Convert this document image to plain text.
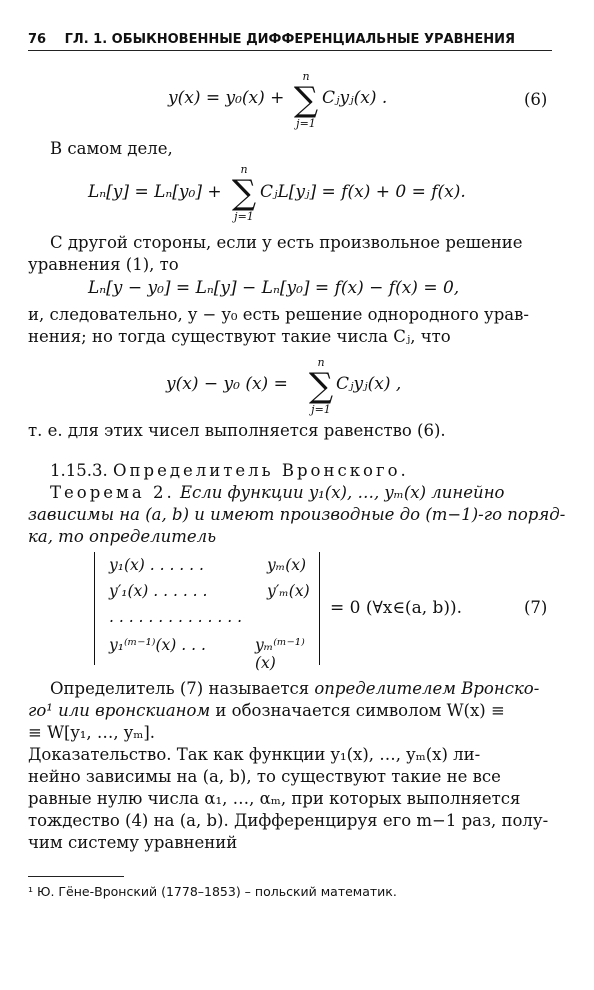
76 ГЛ. 1. ОБЫКНОВЕННЫЕ ДИФФЕРЕНЦИАЛЬНЫЕ УРАВНЕНИЯ
y(x) = y₀(x) +
n
∑
j=1
Cⱼyⱼ(x) .	(6)
В самом деле,
Lₙ[y] = Lₙ[y₀] +
n
∑
j=1
CⱼL[yⱼ] = f(x) + 0 = f(x).
С другой стороны, если y есть произвольное решение
уравнения (1), то
Lₙ[y − y₀] = Lₙ[y] − Lₙ[y₀] = f(x) − f(x) = 0,
и, следовательно, y − y₀ есть решение однородного урав-
нения; но тогда существуют такие числа Cⱼ, что
y(x) − y₀ (x) =
n
∑
j=1
Cⱼyⱼ(x) ,
т. е. для этих чисел выполняется равенство (6).
1.15.3. Определитель Вронского.
Теорема 2. Если функции y₁(x), …, yₘ(x) линейно
зависимы на (a, b) и имеют производные до (m−1)-го поряд-
ка, то определитель
y₁(x) . . . . . .	yₘ(x)
y′₁(x) . . . . . .	y′ₘ(x)
. . . . . . . . . . . . . .
y₁⁽ᵐ⁻¹⁾(x) . . .	yₘ⁽ᵐ⁻¹⁾(x)
= 0 (∀x∈(a, b)).	(7)
Определитель (7) называется определителем Вронско-
го¹ или вронскианом и обозначается символом W(x) ≡
≡ W[y₁, …, yₘ].
Доказательство. Так как функции y₁(x), …, yₘ(x) ли-
нейно зависимы на (a, b), то существуют такие не все
равные нулю числа α₁, …, αₘ, при которых выполняется
тождество (4) на (a, b). Дифференцируя его m−1 раз, полу-
чим систему уравнений
¹ Ю. Гёне-Вронский (1778–1853) – польский математик.
